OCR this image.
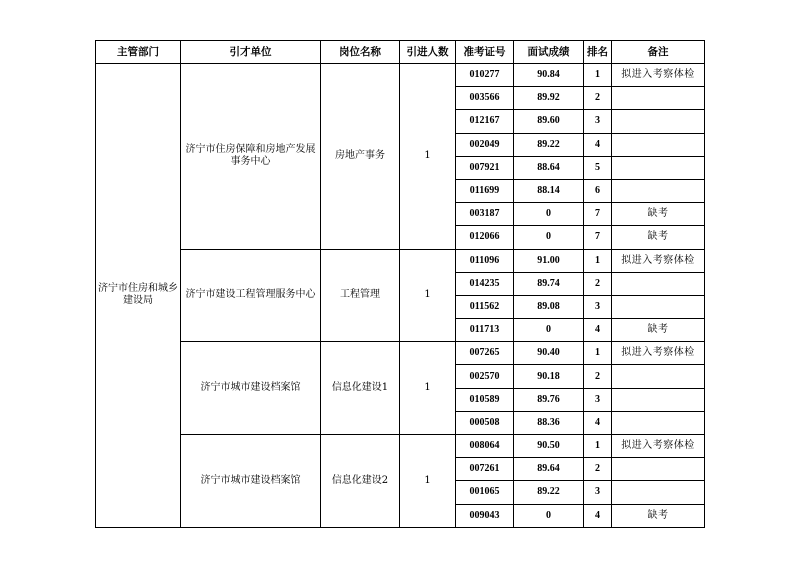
主管部门	引才单位	岗位名称	引进人数	准考证号	面试成绩	排名	备注
济宁市住房和城乡建设局	济宁市住房保障和房地产发展事务中心	房地产事务	1	010277	90.84	1	拟进入考察体检
				003566	89.92	2	
				012167	89.60	3	
				002049	89.22	4	
				007921	88.64	5	
				011699	88.14	6	
				003187	0	7	缺考
				012066	0	7	缺考
	济宁市建设工程管理服务中心	工程管理	1	011096	91.00	1	拟进入考察体检
				014235	89.74	2	
				011562	89.08	3	
				011713	0	4	缺考
	济宁市城市建设档案馆	信息化建设1	1	007265	90.40	1	拟进入考察体检
				002570	90.18	2	
				010589	89.76	3	
				000508	88.36	4	
	济宁市城市建设档案馆	信息化建设2	1	008064	90.50	1	拟进入考察体检
				007261	89.64	2	
				001065	89.22	3	
				009043	0	4	缺考
